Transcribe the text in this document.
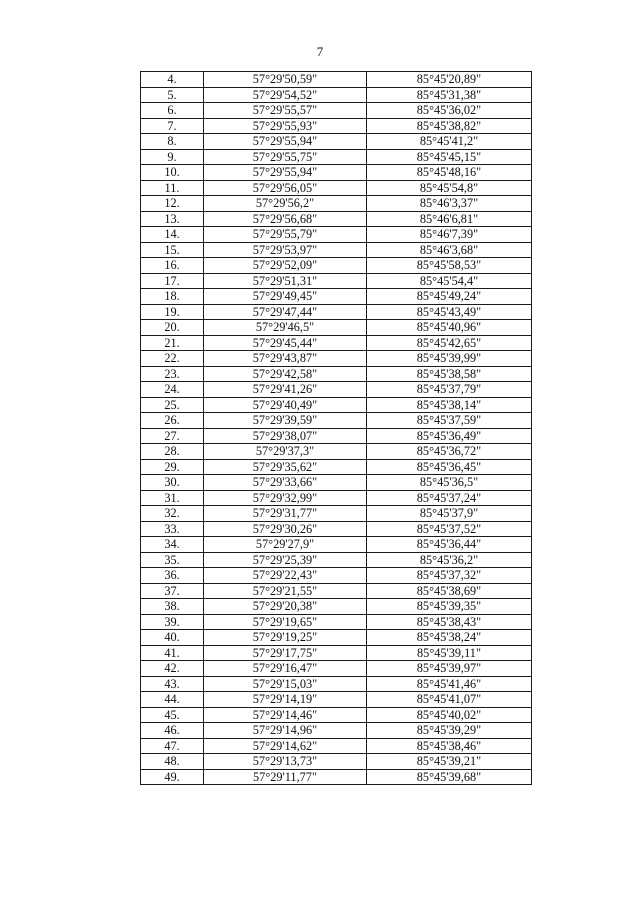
7
4.	57°29'50,59"	85°45'20,89"
5.	57°29'54,52"	85°45'31,38"
6.	57°29'55,57"	85°45'36,02"
7.	57°29'55,93"	85°45'38,82"
8.	57°29'55,94"	85°45'41,2"
9.	57°29'55,75"	85°45'45,15"
10.	57°29'55,94"	85°45'48,16"
11.	57°29'56,05"	85°45'54,8"
12.	57°29'56,2"	85°46'3,37"
13.	57°29'56,68"	85°46'6,81"
14.	57°29'55,79"	85°46'7,39"
15.	57°29'53,97"	85°46'3,68"
16.	57°29'52,09"	85°45'58,53"
17.	57°29'51,31"	85°45'54,4"
18.	57°29'49,45"	85°45'49,24"
19.	57°29'47,44"	85°45'43,49"
20.	57°29'46,5"	85°45'40,96"
21.	57°29'45,44"	85°45'42,65"
22.	57°29'43,87"	85°45'39,99"
23.	57°29'42,58"	85°45'38,58"
24.	57°29'41,26"	85°45'37,79"
25.	57°29'40,49"	85°45'38,14"
26.	57°29'39,59"	85°45'37,59"
27.	57°29'38,07"	85°45'36,49"
28.	57°29'37,3"	85°45'36,72"
29.	57°29'35,62"	85°45'36,45"
30.	57°29'33,66"	85°45'36,5"
31.	57°29'32,99"	85°45'37,24"
32.	57°29'31,77"	85°45'37,9"
33.	57°29'30,26"	85°45'37,52"
34.	57°29'27,9"	85°45'36,44"
35.	57°29'25,39"	85°45'36,2"
36.	57°29'22,43"	85°45'37,32"
37.	57°29'21,55"	85°45'38,69"
38.	57°29'20,38"	85°45'39,35"
39.	57°29'19,65"	85°45'38,43"
40.	57°29'19,25"	85°45'38,24"
41.	57°29'17,75"	85°45'39,11"
42.	57°29'16,47"	85°45'39,97"
43.	57°29'15,03"	85°45'41,46"
44.	57°29'14,19"	85°45'41,07"
45.	57°29'14,46"	85°45'40,02"
46.	57°29'14,96"	85°45'39,29"
47.	57°29'14,62"	85°45'38,46"
48.	57°29'13,73"	85°45'39,21"
49.	57°29'11,77"	85°45'39,68"
